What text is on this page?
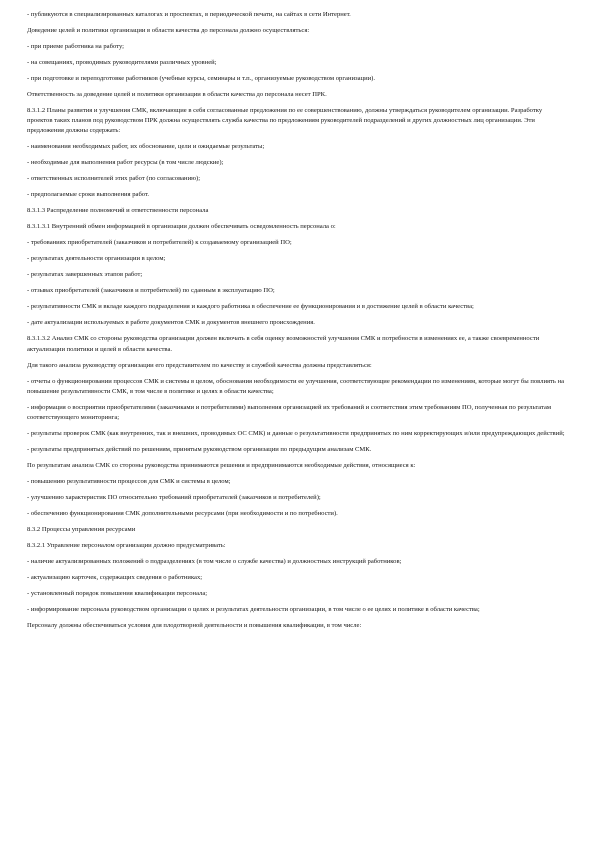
- публикуются в специализированных каталогах и проспектах, в периодической печати, на сайтах в сети Интернет.

Доведение целей и политики организации в области качества до персонала должно осуществляться:

- при приеме работника на работу;

- на совещаниях, проводимых руководителями различных уровней;

- при подготовке и переподготовке работников (учебные курсы, семинары и т.п., организуемые руководством организации).

Ответственность за доведение целей и политики организации в области качества до персонала несет ПРК.

8.3.1.2 Планы развития и улучшения СМК, включающие в себя согласованные предложения по ее совершенствованию, должны утверждаться руководителем организации. Разработку проектов таких планов под руководством ПРК должна осуществлять служба качества по предложениям руководителей подразделений и других должностных лиц организации. Эти предложения должны содержать:

- наименования необходимых работ, их обоснование, цели и ожидаемые результаты;

- необходимые для выполнения работ ресурсы (в том числе людские);

- ответственных исполнителей этих работ (по согласованию);

- предполагаемые сроки выполнения работ.

8.3.1.3 Распределение полномочий и ответственности персонала

8.3.1.3.1 Внутренний обмен информацией в организации должен обеспечивать осведомленность персонала о:

- требованиях приобретателей (заказчиков и потребителей) к создаваемому организацией ПО;

- результатах деятельности организации в целом;

- результатах завершенных этапов работ;

- отзывах приобретателей (заказчиков и потребителей) по сданным в эксплуатацию ПО;

- результативности СМК и вкладе каждого подразделения и каждого работника в обеспечение ее функционирования и в достижение целей в области качества;

- дате актуализации используемых в работе документов СМК и документов внешнего происхождения.

8.3.1.3.2 Анализ СМК со стороны руководства организации должен включать в себя оценку возможностей улучшения СМК и потребности в изменениях ее, а также своевременности актуализации политики и целей в области качества.

Для такого анализа руководству организации его представителем по качеству и службой качества должны представляться:

- отчеты о функционировании процессов СМК и системы в целом, обоснования необходимости ее улучшения, соответствующие рекомендации по изменениям, которые могут бы повлиять на повышение результативности СМК, в том числе в политике и целях в области качества;

- информация о восприятии приобретателями (заказчиками и потребителями) выполнения организацией их требований и соответствия этим требованиям ПО, полученная по результатам соответствующего мониторинга;

- результаты проверок СМК (как внутренних, так и внешних, проводимых ОС СМК) и данные о результативности предпринятых по ним корректирующих и/или предупреждающих действий;

- результаты предпринятых действий по решениям, принятым руководством организации по предыдущим анализам СМК.

По результатам анализа СМК со стороны руководства принимаются решения и предпринимаются необходимые действия, относящиеся к:

- повышению результативности процессов для СМК и системы в целом;

- улучшению характеристик ПО относительно требований приобретателей (заказчиков и потребителей);

- обеспечению функционирования СМК дополнительными ресурсами (при необходимости и по потребности).

8.3.2 Процессы управления ресурсами

8.3.2.1 Управление персоналом организации должно предусматривать:

- наличие актуализированных положений о подразделениях (в том числе о службе качества) и должностных инструкций работников;

- актуализацию карточек, содержащих сведения о работниках;

- установленный порядок повышения квалификации персонала;

- информирование персонала руководством организации о целях и результатах деятельности организации, в том числе о ее целях и политике в области качества;

Персоналу должны обеспечиваться условия для плодотворной деятельности и повышения квалификации, в том числе:
